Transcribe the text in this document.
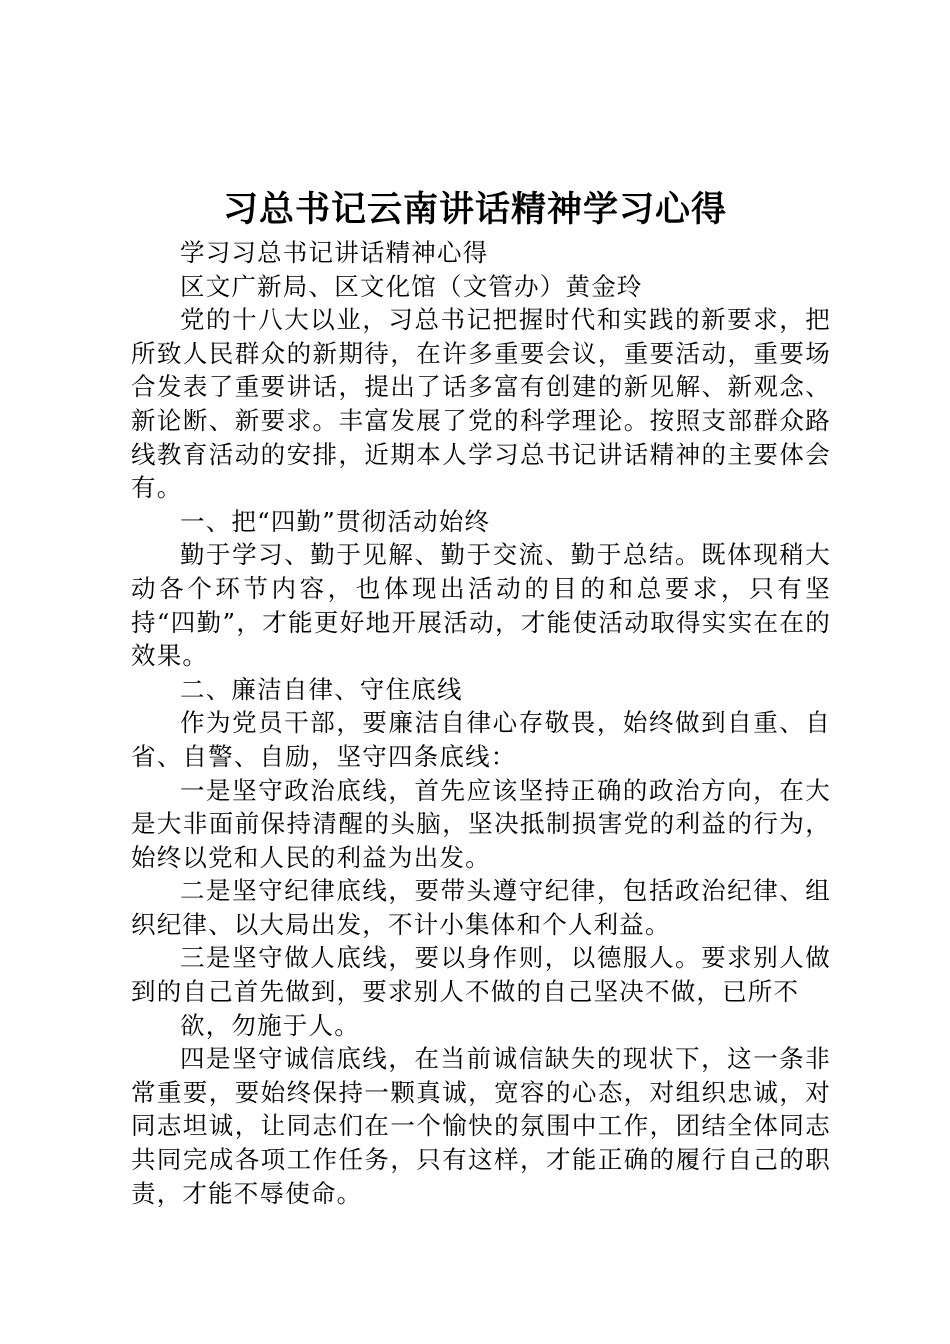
习总书记云南讲话精神学习心得

学习习总书记讲话精神心得

区文广新局、区文化馆（文管办）黄金玲

党的十八大以业，习总书记把握时代和实践的新要求，把所致人民群众的新期待，在许多重要会议，重要活动，重要场合发表了重要讲话，提出了话多富有创建的新见解、新观念、新论断、新要求。丰富发展了党的科学理论。按照支部群众路线教育活动的安排，近期本人学习总书记讲话精神的主要体会有。

一、把“四勤”贯彻活动始终

勤于学习、勤于见解、勤于交流、勤于总结。既体现稍大动各个环节内容，也体现出活动的目的和总要求，只有坚持“四勤”，才能更好地开展活动，才能使活动取得实实在在的效果。

二、廉洁自律、守住底线

作为党员干部，要廉洁自律心存敬畏，始终做到自重、自省、自警、自励，坚守四条底线：

一是坚守政治底线，首先应该坚持正确的政治方向，在大是大非面前保持清醒的头脑，坚决抵制损害党的利益的行为，始终以党和人民的利益为出发。

二是坚守纪律底线，要带头遵守纪律，包括政治纪律、组织纪律、以大局出发，不计小集体和个人利益。

三是坚守做人底线，要以身作则，以德服人。要求别人做到的自己首先做到，要求别人不做的自己坚决不做，已所不

欲，勿施于人。

四是坚守诚信底线，在当前诚信缺失的现状下，这一条非常重要，要始终保持一颗真诚，宽容的心态，对组织忠诚，对同志坦诚，让同志们在一个愉快的氛围中工作，团结全体同志共同完成各项工作任务，只有这样，才能正确的履行自己的职责，才能不辱使命。
